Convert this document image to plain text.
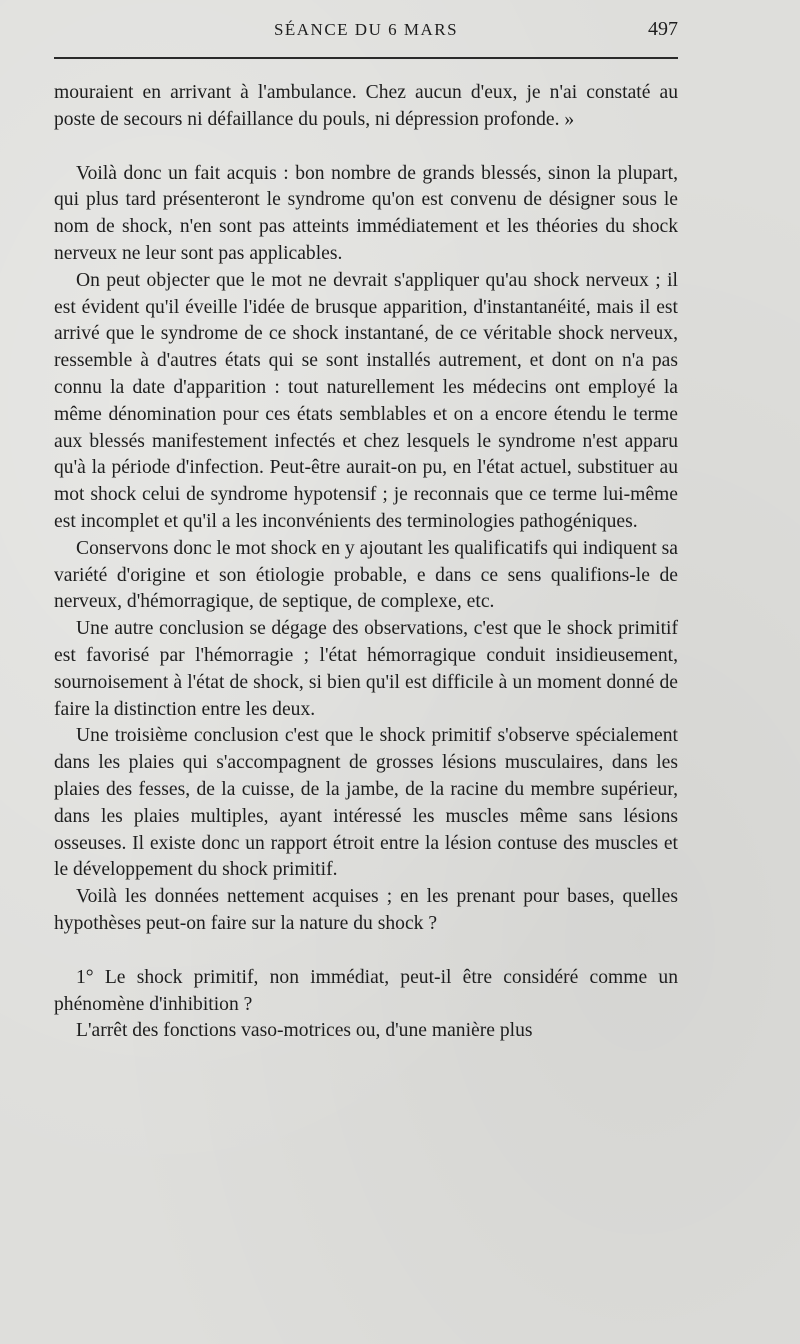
SÉANCE DU 6 MARS	497

mouraient en arrivant à l'ambulance. Chez aucun d'eux, je n'ai constaté au poste de secours ni défaillance du pouls, ni dépression profonde. »

Voilà donc un fait acquis : bon nombre de grands blessés, sinon la plupart, qui plus tard présenteront le syndrome qu'on est convenu de désigner sous le nom de shock, n'en sont pas atteints immédiatement et les théories du shock nerveux ne leur sont pas applicables.

On peut objecter que le mot ne devrait s'appliquer qu'au shock nerveux ; il est évident qu'il éveille l'idée de brusque apparition, d'instantanéité, mais il est arrivé que le syndrome de ce shock instantané, de ce véritable shock nerveux, ressemble à d'autres états qui se sont installés autrement, et dont on n'a pas connu la date d'apparition : tout naturellement les médecins ont employé la même dénomination pour ces états semblables et on a encore étendu le terme aux blessés manifestement infectés et chez lesquels le syndrome n'est apparu qu'à la période d'infection. Peut-être aurait-on pu, en l'état actuel, substituer au mot shock celui de syndrome hypotensif ; je reconnais que ce terme lui-même est incomplet et qu'il a les inconvénients des terminologies pathogéniques.

Conservons donc le mot shock en y ajoutant les qualificatifs qui indiquent sa variété d'origine et son étiologie probable, e dans ce sens qualifions-le de nerveux, d'hémorragique, de septique, de complexe, etc.

Une autre conclusion se dégage des observations, c'est que le shock primitif est favorisé par l'hémorragie ; l'état hémorragique conduit insidieusement, sournoisement à l'état de shock, si bien qu'il est difficile à un moment donné de faire la distinction entre les deux.

Une troisième conclusion c'est que le shock primitif s'observe spécialement dans les plaies qui s'accompagnent de grosses lésions musculaires, dans les plaies des fesses, de la cuisse, de la jambe, de la racine du membre supérieur, dans les plaies multiples, ayant intéressé les muscles même sans lésions osseuses. Il existe donc un rapport étroit entre la lésion contuse des muscles et le développement du shock primitif.

Voilà les données nettement acquises ; en les prenant pour bases, quelles hypothèses peut-on faire sur la nature du shock ?

1° Le shock primitif, non immédiat, peut-il être considéré comme un phénomène d'inhibition ?

L'arrêt des fonctions vaso-motrices ou, d'une manière plus
